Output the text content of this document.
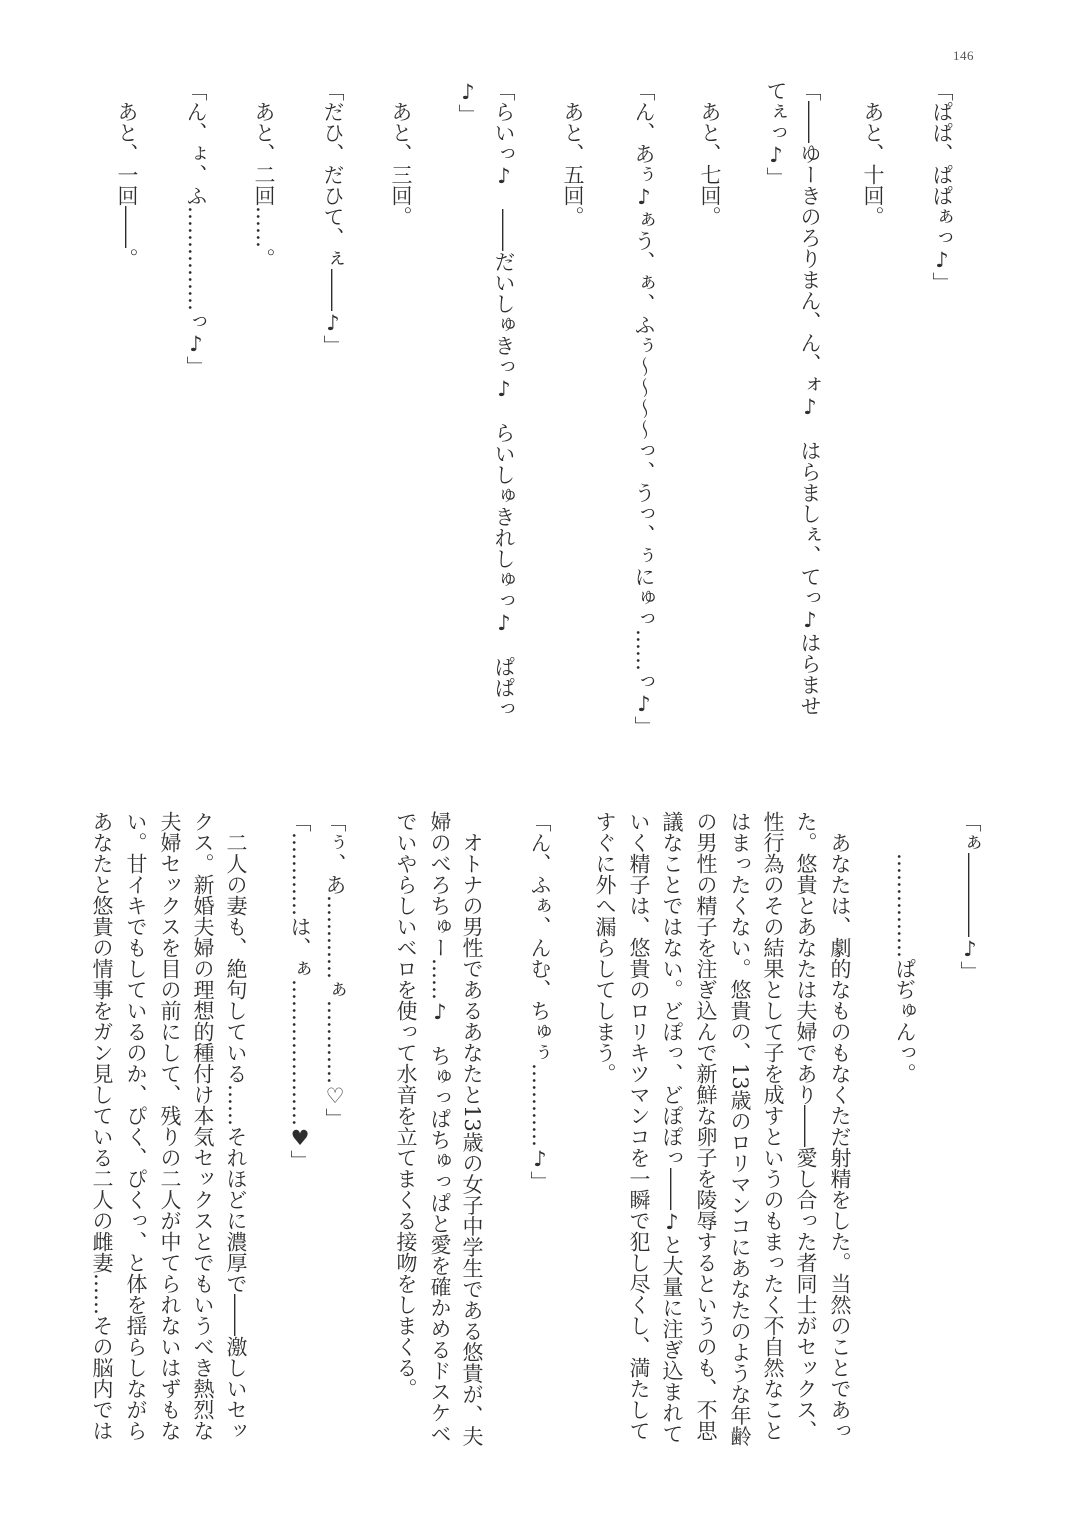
146
「ぱぱ、ぱぱぁっ♪」
あと、十回。
「――ゆーきのろりまん、ん、ォ♪　はらましぇ、てっ♪はらませ
てぇっ♪」
あと、七回。
「ん、あぅ♪ぁう、ぁ、ふぅ～～～～っ、うっ、ぅにゅっ……っ♪」
あと、五回。
「らいっ♪　――だいしゅきっ♪　らいしゅきれしゅっ♪　ぱぱっ
♪」
あと、三回。
「だひ、だひて、ぇ――♪」
あと、二回……。
「ん、ょ、ふ……………っ♪」
あと、一回――。
「ぁ――――♪」
……………ぱぢゅんっ。
あなたは、劇的なものもなくただ射精をした。当然のことであっ
た。悠貴とあなたは夫婦であり――愛し合った者同士がセックス、
性行為のその結果として子を成すというのもまったく不自然なこと
はまったくない。悠貴の、13歳のロリマンコにあなたのような年齢
の男性の精子を注ぎ込んで新鮮な卵子を陵辱するというのも、不思
議なことではない。どぽっ、どぽぽっ――♪と大量に注ぎ込まれて
いく精子は、悠貴のロリキツマンコを一瞬で犯し尽くし、満たして
すぐに外へ漏らしてしまう。
「ん、ふぁ、んむ、ちゅぅ…………♪」
オトナの男性であるあなたと13歳の女子中学生である悠貴が、夫
婦のべろちゅー……♪　ちゅっぱちゅっぱと愛を確かめるドスケベ
でいやらしいベロを使って水音を立てまくる接吻をしまくる。
「ぅ、あ…………ぁ…………♡」
「…………は、ぁ…………………♥」
二人の妻も、絶句している……それほどに濃厚で――激しいセッ
クス。新婚夫婦の理想的種付け本気セックスとでもいうべき熱烈な
夫婦セックスを目の前にして、残りの二人が中てられないはずもな
い。甘イキでもしているのか、ぴく、ぴくっ、と体を揺らしながら
あなたと悠貴の情事をガン見している二人の雌妻……その脳内では
